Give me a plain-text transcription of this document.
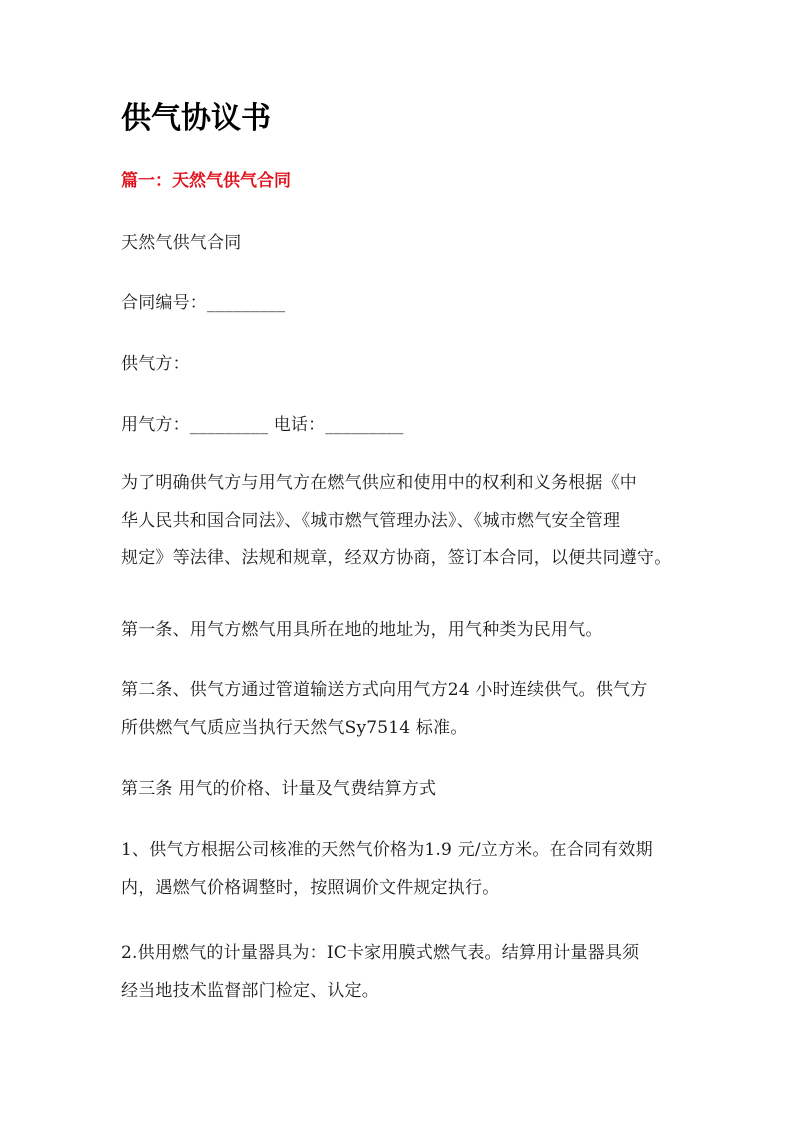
供气协议书
篇一：天然气供气合同
天然气供气合同
合同编号：_________
供气方：
用气方：_________ 电话：_________
为了明确供气方与用气方在燃气供应和使用中的权利和义务根据《中
华人民共和国合同法》、《城市燃气管理办法》、《城市燃气安全管理
规定》等法律、法规和规章，经双方协商，签订本合同，以便共同遵守。
第一条、用气方燃气用具所在地的地址为，用气种类为民用气。
第二条、供气方通过管道输送方式向用气方24 小时连续供气。供气方
所供燃气气质应当执行天然气Sy7514 标准。
第三条 用气的价格、计量及气费结算方式
1、供气方根据公司核准的天然气价格为1.9 元/立方米。在合同有效期
内，遇燃气价格调整时，按照调价文件规定执行。
2.供用燃气的计量器具为：IC卡家用膜式燃气表。结算用计量器具须
经当地技术监督部门检定、认定。
